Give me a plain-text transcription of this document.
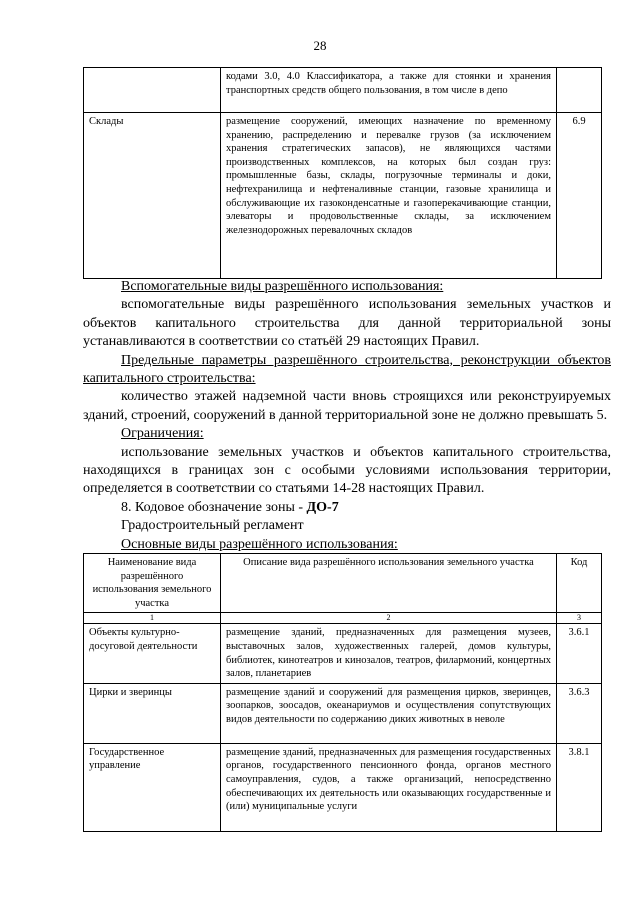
28
	кодами 3.0, 4.0 Классификатора, а также для стоянки и хранения транспортных средств общего пользования, в том числе в депо	
Склады	размещение сооружений, имеющих назначение по временному хранению, распределению и перевалке грузов (за исключением хранения стратегических запасов), не являющихся частями производственных комплексов, на которых был создан груз: промышленные базы, склады, погрузочные терминалы и доки, нефтехранилища и нефтеналивные станции, газовые хранилища и обслуживающие их газоконденсатные и газоперекачивающие станции, элеваторы и продовольственные склады, за исключением железнодорожных перевалочных складов	6.9

Вспомогательные виды разрешённого использования:

вспомогательные виды разрешённого использования земельных участков и объектов капитального строительства для данной территориальной зоны устанавливаются в соответствии со статьёй 29 настоящих Правил.

Предельные параметры разрешённого строительства, реконструкции объектов капитального строительства:

количество этажей надземной части вновь строящихся или реконструируемых зданий, строений, сооружений в данной территориальной зоне не должно превышать 5.

Ограничения:

использование земельных участков и объектов капитального строительства, находящихся в границах зон с особыми условиями использования территории, определяется в соответствии со статьями 14-28 настоящих Правил.

8. Кодовое обозначение зоны - ДО-7

Градостроительный регламент

Основные виды разрешённого использования:

Наименование вида разрешённого использования земельного участка	Описание вида разрешённого использования земельного участка	Код
1	2	3
Объекты культурно-досуговой деятельности	размещение зданий, предназначенных для размещения музеев, выставочных залов, художественных галерей, домов культуры, библиотек, кинотеатров и кинозалов, театров, филармоний, концертных залов, планетариев	3.6.1
Цирки и зверинцы	размещение зданий и сооружений для размещения цирков, зверинцев, зоопарков, зоосадов, океанариумов и осуществления сопутствующих видов деятельности по содержанию диких животных в неволе	3.6.3
Государственное управление	размещение зданий, предназначенных для размещения государственных органов, государственного пенсионного фонда, органов местного самоуправления, судов, а также организаций, непосредственно обеспечивающих их деятельность или оказывающих государственные и (или) муниципальные услуги	3.8.1
